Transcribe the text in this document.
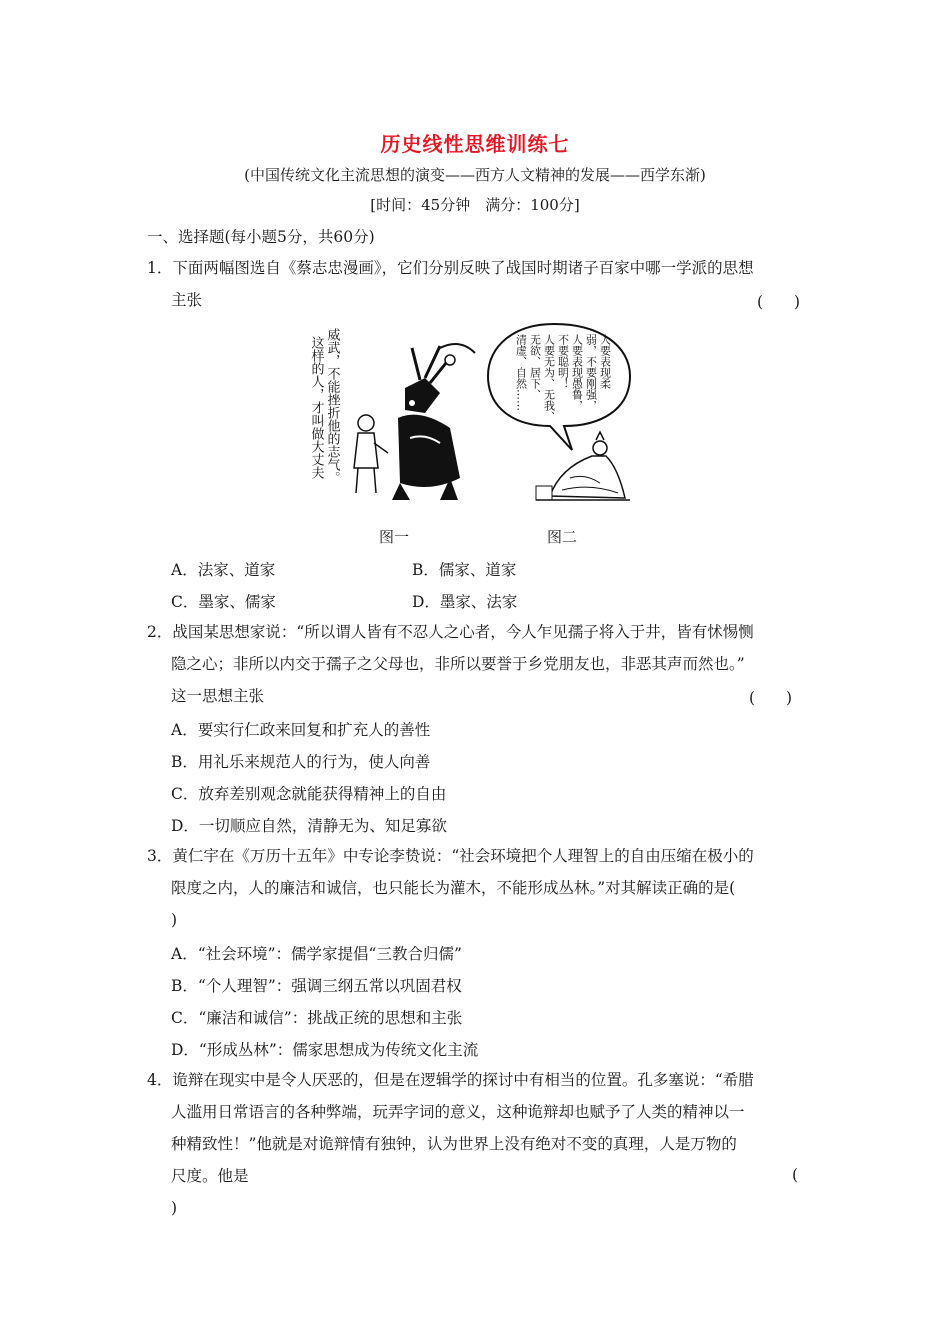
历史线性思维训练七
(中国传统文化主流思想的演变——西方人文精神的发展——西学东渐)
[时间：45分钟　满分：100分]
一、选择题(每小题5分，共60分)
1．下面两幅图选自《蔡志忠漫画》，它们分别反映了战国时期诸子百家中哪一学派的思想
主张	(　　)
这样的人，才叫做大丈夫 威武，不能挫折他的志气。	人要表现柔
弱，不要刚强，
人要表现愚鲁，
不要聪明！
人要无为、无我、
无欲、居下、
清虚、自然……
图一	图二
A．法家、道家	B．儒家、道家
C．墨家、儒家	D．墨家、法家
2．战国某思想家说：“所以谓人皆有不忍人之心者，今人乍见孺子将入于井，皆有怵惕恻
隐之心；非所以内交于孺子之父母也，非所以要誉于乡党朋友也，非恶其声而然也。”
这一思想主张	(　　)
A．要实行仁政来回复和扩充人的善性
B．用礼乐来规范人的行为，使人向善
C．放弃差别观念就能获得精神上的自由
D．一切顺应自然，清静无为、知足寡欲
3．黄仁宇在《万历十五年》中专论李贽说：“社会环境把个人理智上的自由压缩在极小的
限度之内，人的廉洁和诚信，也只能长为灌木，不能形成丛林。”对其解读正确的是(
)
A．“社会环境”：儒学家提倡“三教合归儒”
B．“个人理智”：强调三纲五常以巩固君权
C．“廉洁和诚信”：挑战正统的思想和主张
D．“形成丛林”：儒家思想成为传统文化主流
4．诡辩在现实中是令人厌恶的，但是在逻辑学的探讨中有相当的位置。孔多塞说：“希腊
人滥用日常语言的各种弊端，玩弄字词的意义，这种诡辩却也赋予了人类的精神以一
种精致性！”他就是对诡辩情有独钟，认为世界上没有绝对不变的真理，人是万物的
尺度。他是	(
)
